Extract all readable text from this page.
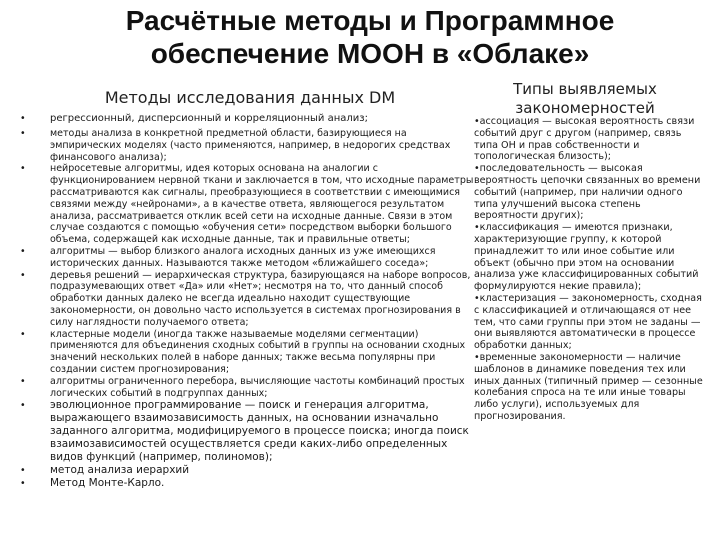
Расчётные методы и Программное обеспечение МООН в «Облаке»
Методы исследования данных DM	Типы выявляемых закономерностей
• регрессионный, дисперсионный и корреляционный анализ;
• методы анализа в конкретной предметной области, базирующиеся на эмпирических моделях (часто применяются, например, в недорогих средствах финансового анализа);
• нейросетевые алгоритмы, идея которых основана на аналогии с функционированием нервной ткани и заключается в том, что исходные параметры рассматриваются как сигналы, преобразующиеся в соответствии с имеющимися связями между «нейронами», а в качестве ответа, являющегося результатом анализа, рассматривается отклик всей сети на исходные данные. Связи в этом случае создаются с помощью «обучения сети» посредством выборки большого объема, содержащей как исходные данные, так и правильные ответы;
• алгоритмы — выбор близкого аналога исходных данных из уже имеющихся исторических данных. Называются также методом «ближайшего соседа»;
• деревья решений — иерархическая структура, базирующаяся на наборе вопросов, подразумевающих ответ «Да» или «Нет»; несмотря на то, что данный способ обработки данных далеко не всегда идеально находит существующие закономерности, он довольно часто используется в системах прогнозирования в силу наглядности получаемого ответа;
• кластерные модели (иногда также называемые моделями сегментации) применяются для объединения сходных событий в группы на основании сходных значений нескольких полей в наборе данных; также весьма популярны при создании систем прогнозирования;
• алгоритмы ограниченного перебора, вычисляющие частоты комбинаций простых логических событий в подгруппах данных;
• эволюционное программирование — поиск и генерация алгоритма, выражающего взаимозависимость данных, на основании изначально заданного алгоритма, модифицируемого в процессе поиска; иногда поиск взаимозависимостей осуществляется среди каких-либо определенных видов функций (например, полиномов);
• метод анализа иерархий
• Метод Монте-Карло.

•ассоциация — высокая вероятность связи событий друг с другом (например, связь типа ОН и прав собственности и топологическая близость);

•последовательность — высокая вероятность цепочки связанных во времени событий (например, при наличии одного типа улучшений высока степень вероятности других);

•классификация — имеются признаки, характеризующие группу, к которой принадлежит то или иное событие или объект (обычно при этом на основании анализа уже классифицированных событий формулируются некие правила);

•кластеризация — закономерность, сходная с классификацией и отличающаяся от нее тем, что сами группы при этом не заданы — они выявляются автоматически в процессе обработки данных;

•временные закономерности — наличие шаблонов в динамике поведения тех или иных данных (типичный пример — сезонные колебания спроса на те или иные товары либо услуги), используемых для прогнозирования.
